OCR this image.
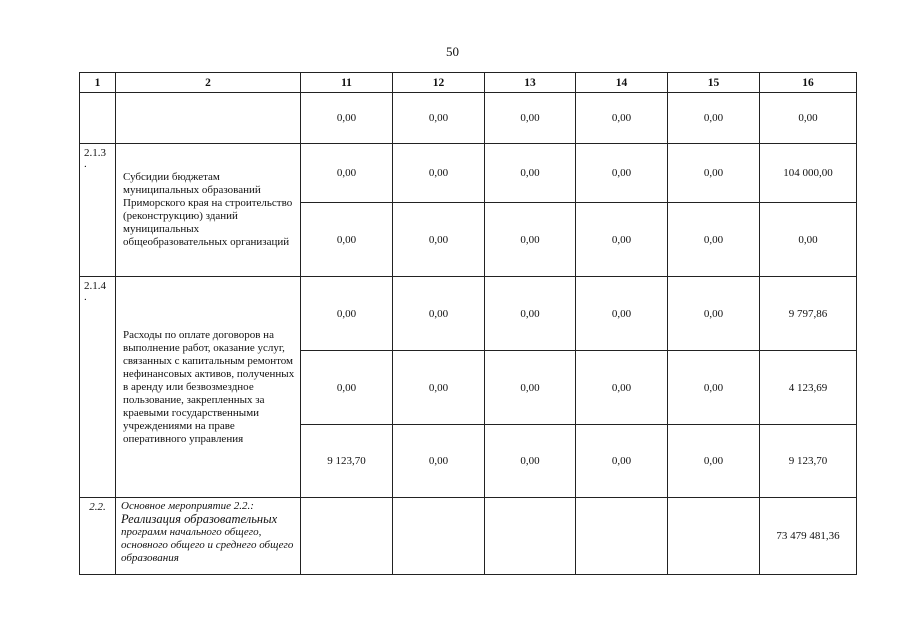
50
1	2	11	12	13	14	15	16
		0,00	0,00	0,00	0,00	0,00	0,00
2.1.3
.	Субсидии бюджетам муниципальных образований Приморского края на строительство (реконструкцию) зданий муниципальных общеобразовательных организаций	0,00	0,00	0,00	0,00	0,00	104 000,00
		0,00	0,00	0,00	0,00	0,00	0,00
2.1.4
.	Расходы по оплате договоров на выполнение работ, оказание услуг, связанных с капитальным ремонтом нефинансовых активов, полученных в аренду или безвозмездное пользование, закрепленных за краевыми государственными учреждениями на праве оперативного управления	0,00	0,00	0,00	0,00	0,00	9 797,86
		0,00	0,00	0,00	0,00	0,00	4 123,69
		9 123,70	0,00	0,00	0,00	0,00	9 123,70
2.2.	Основное мероприятие 2.2.:
Реализация образовательных
программ начального общего, основного общего и среднего общего образования						73 479 481,36
